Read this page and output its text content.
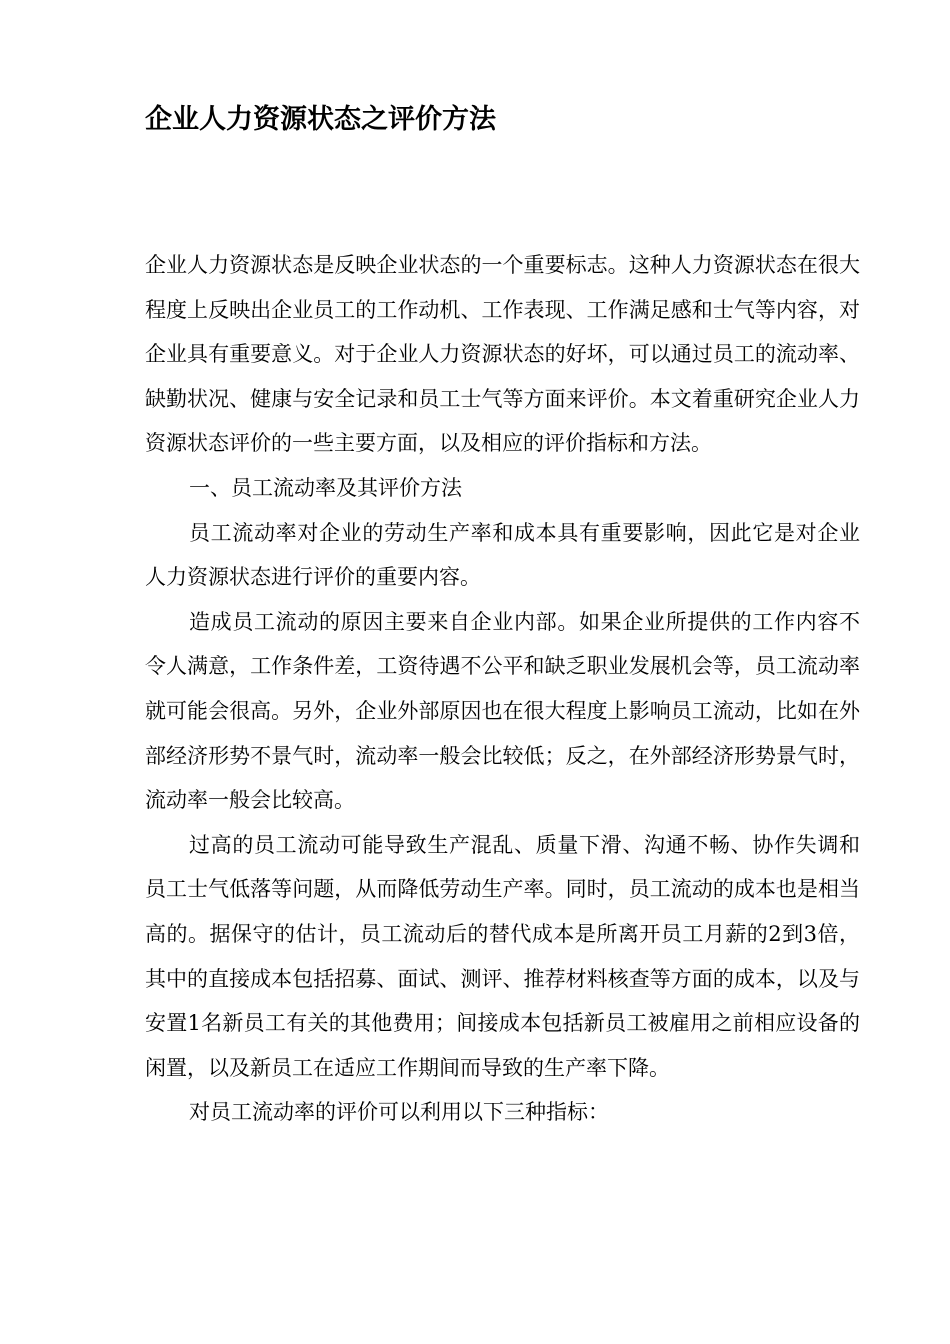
企业人力资源状态之评价方法

企业人力资源状态是反映企业状态的一个重要标志。这种人力资源状态在很大程度上反映出企业员工的工作动机、工作表现、工作满足感和士气等内容，对企业具有重要意义。对于企业人力资源状态的好坏，可以通过员工的流动率、缺勤状况、健康与安全记录和员工士气等方面来评价。本文着重研究企业人力资源状态评价的一些主要方面，以及相应的评价指标和方法。

一、员工流动率及其评价方法

员工流动率对企业的劳动生产率和成本具有重要影响，因此它是对企业人力资源状态进行评价的重要内容。

造成员工流动的原因主要来自企业内部。如果企业所提供的工作内容不令人满意，工作条件差，工资待遇不公平和缺乏职业发展机会等，员工流动率就可能会很高。另外，企业外部原因也在很大程度上影响员工流动，比如在外部经济形势不景气时，流动率一般会比较低；反之，在外部经济形势景气时，流动率一般会比较高。

过高的员工流动可能导致生产混乱、质量下滑、沟通不畅、协作失调和员工士气低落等问题，从而降低劳动生产率。同时，员工流动的成本也是相当高的。据保守的估计，员工流动后的替代成本是所离开员工月薪的2到3倍，其中的直接成本包括招募、面试、测评、推荐材料核查等方面的成本，以及与安置1名新员工有关的其他费用；间接成本包括新员工被雇用之前相应设备的闲置，以及新员工在适应工作期间而导致的生产率下降。

对员工流动率的评价可以利用以下三种指标：
